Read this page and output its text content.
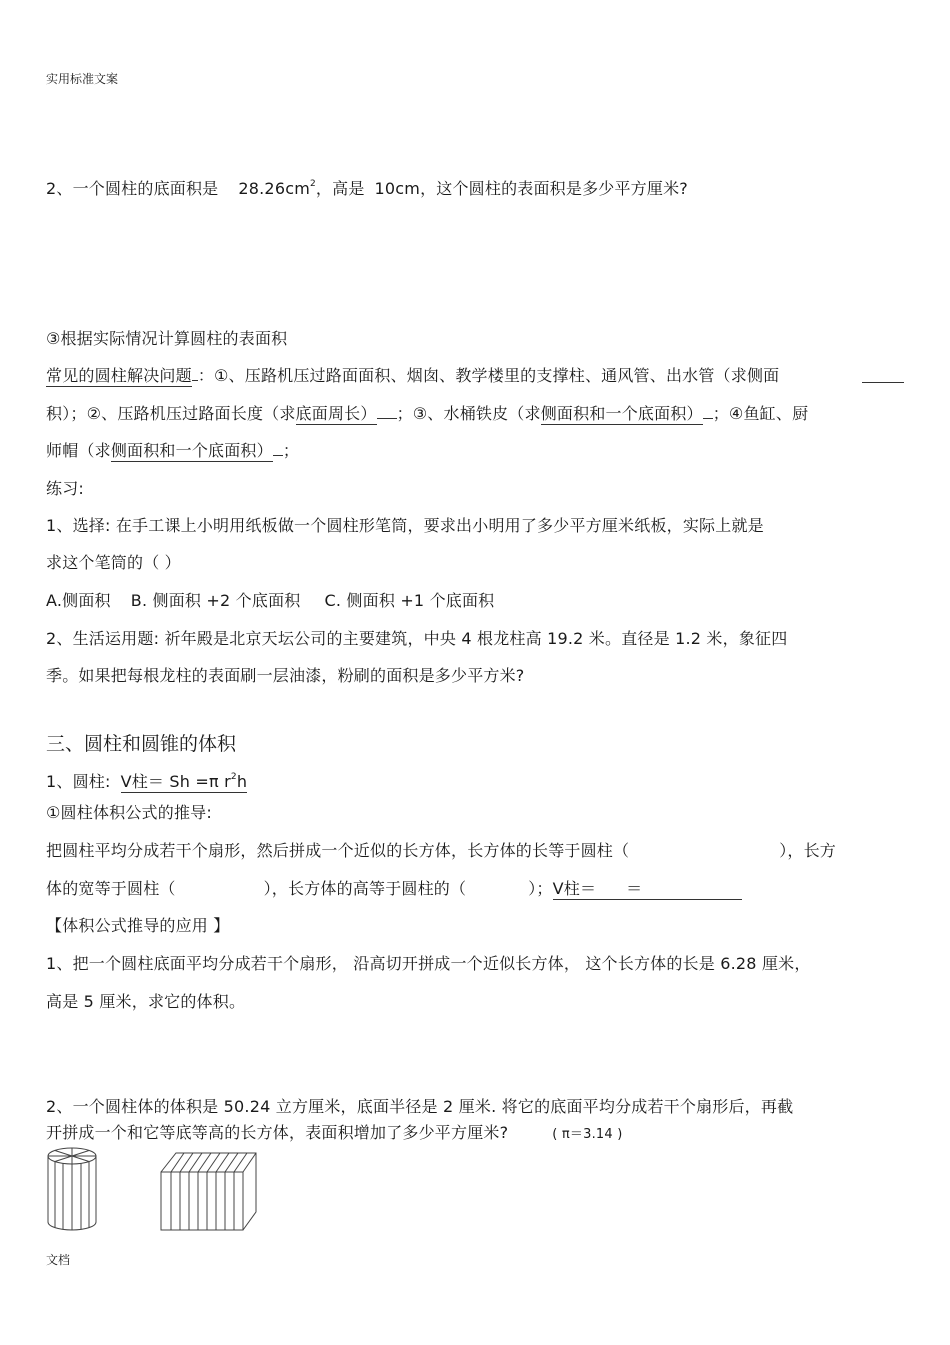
实用标准文案
2、一个圆柱的底面积是 $28.26cm^2$，高是 10cm，这个圆柱的表面积是多少平方厘米?
③根据实际情况计算圆柱的表面积
常见的圆柱解决问题 ：①、压路机压过路面面积、烟囱、教学楼里的支撑柱、通风管、出水管（求侧面
积）；②、压路机压过路面长度（求底面周长） ；③、水桶铁皮（求侧面积和一个底面积） ；④鱼缸、厨
师帽（求侧面积和一个底面积） ；
练习:
1、选择: 在手工课上小明用纸板做一个圆柱形笔筒，要求出小明用了多少平方厘米纸板，实际上就是
求这个笔筒的（ ）
A.侧面积 B. 侧面积 +2 个底面积 C. 侧面积 +1 个底面积
2、生活运用题: 祈年殿是北京天坛公司的主要建筑，中央 4 根龙柱高 19.2 米。直径是 1.2 米，象征四
季。如果把每根龙柱的表面刷一层油漆，粉刷的面积是多少平方米?
三、圆柱和圆锥的体积
1、圆柱: V柱＝ Sh =π $r^2h$
①圆柱体积公式的推导:
把圆柱平均分成若干个扇形，然后拼成一个近似的长方体，长方体的长等于圆柱（	），长方
体的宽等于圆柱（	），长方体的高等于圆柱的（	）；V柱＝ ＝
【体积公式推导的应用 】
1、把一个圆柱底面平均分成若干个扇形， 沿高切开拼成一个近似长方体， 这个长方体的长是 6.28 厘米，
高是 5 厘米，求它的体积。
2、一个圆柱体的体积是 50.24 立方厘米，底面半径是 2 厘米. 将它的底面平均分成若干个扇形后，再截
开拼成一个和它等底等高的长方体，表面积增加了多少平方厘米?	( π＝3.14 )
文档
